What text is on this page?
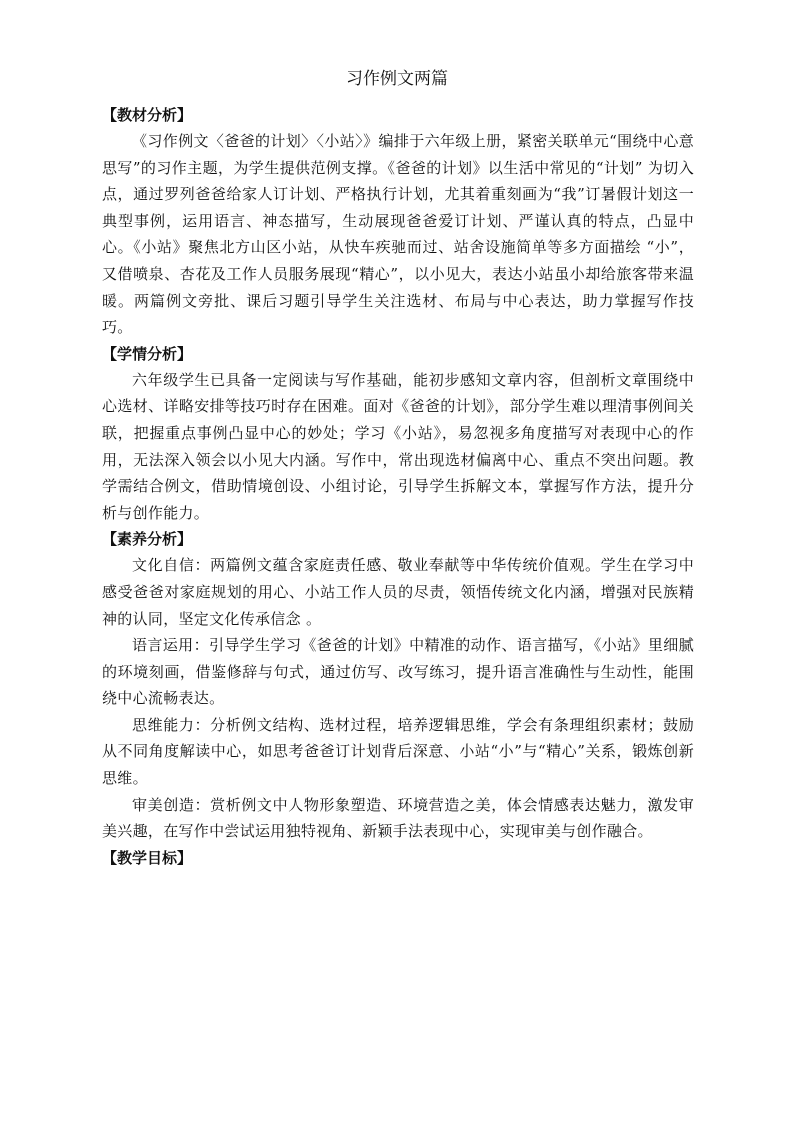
习作例文两篇
【教材分析】

《习作例文〈爸爸的计划〉〈小站〉》编排于六年级上册，紧密关联单元“围绕中心意思写”的习作主题，为学生提供范例支撑。《爸爸的计划》以生活中常见的“计划” 为切入点，通过罗列爸爸给家人订计划、严格执行计划，尤其着重刻画为“我”订暑假计划这一典型事例，运用语言、神态描写，生动展现爸爸爱订计划、严谨认真的特点，凸显中心。《小站》聚焦北方山区小站，从快车疾驰而过、站舍设施简单等多方面描绘 “小”，又借喷泉、杏花及工作人员服务展现“精心”，以小见大，表达小站虽小却给旅客带来温暖。两篇例文旁批、课后习题引导学生关注选材、布局与中心表达，助力掌握写作技巧。

【学情分析】

六年级学生已具备一定阅读与写作基础，能初步感知文章内容，但剖析文章围绕中心选材、详略安排等技巧时存在困难。面对《爸爸的计划》，部分学生难以理清事例间关联，把握重点事例凸显中心的妙处；学习《小站》，易忽视多角度描写对表现中心的作用，无法深入领会以小见大内涵。写作中，常出现选材偏离中心、重点不突出问题。教学需结合例文，借助情境创设、小组讨论，引导学生拆解文本，掌握写作方法，提升分析与创作能力。

【素养分析】

文化自信：两篇例文蕴含家庭责任感、敬业奉献等中华传统价值观。学生在学习中感受爸爸对家庭规划的用心、小站工作人员的尽责，领悟传统文化内涵，增强对民族精神的认同，坚定文化传承信念 。

语言运用：引导学生学习《爸爸的计划》中精准的动作、语言描写，《小站》里细腻的环境刻画，借鉴修辞与句式，通过仿写、改写练习，提升语言准确性与生动性，能围绕中心流畅表达。

思维能力：分析例文结构、选材过程，培养逻辑思维，学会有条理组织素材；鼓励从不同角度解读中心，如思考爸爸订计划背后深意、小站“小”与“精心”关系，锻炼创新思维。

审美创造：赏析例文中人物形象塑造、环境营造之美，体会情感表达魅力，激发审美兴趣，在写作中尝试运用独特视角、新颖手法表现中心，实现审美与创作融合。

【教学目标】
